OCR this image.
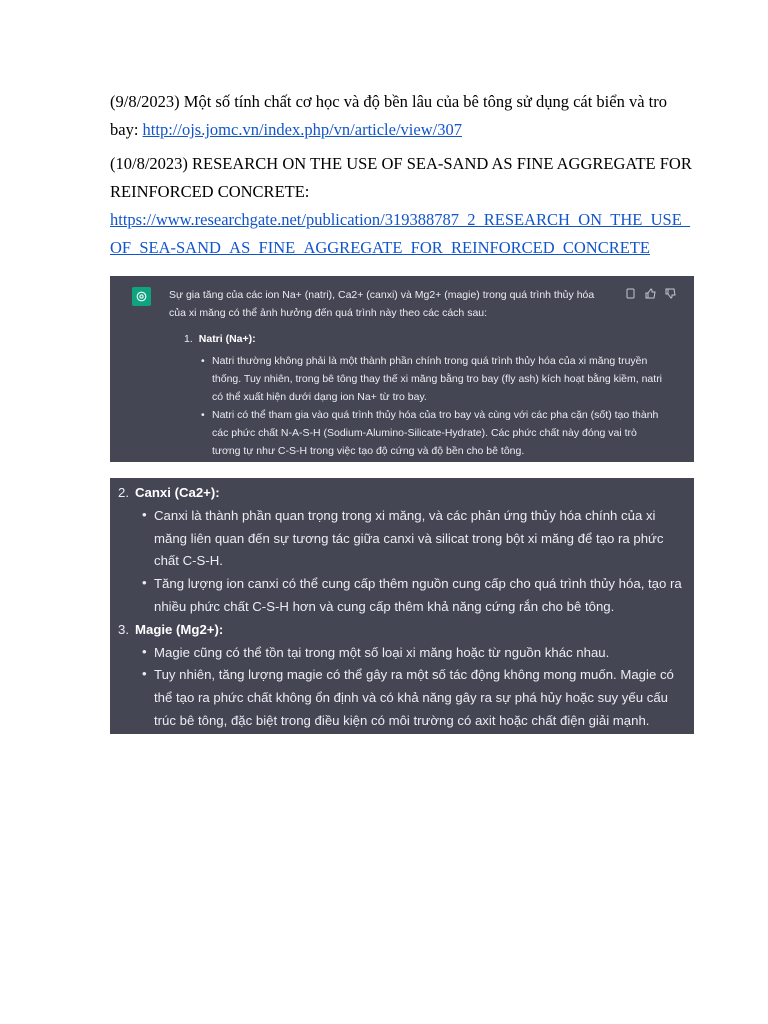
(9/8/2023) Một số tính chất cơ học và độ bền lâu của bê tông sử dụng cát biển và tro bay: http://ojs.jomc.vn/index.php/vn/article/view/307

(10/8/2023) RESEARCH ON THE USE OF SEA-SAND AS FINE AGGREGATE FOR REINFORCED CONCRETE:
https://www.researchgate.net/publication/319388787_2_RESEARCH_ON_THE_USE_OF_SEA-SAND_AS_FINE_AGGREGATE_FOR_REINFORCED_CONCRETE

Sự gia tăng của các ion Na+ (natri), Ca2+ (canxi) và Mg2+ (magie) trong quá trình thủy hóa của xi măng có thể ảnh hưởng đến quá trình này theo các cách sau:
1. Natri (Na+):
• Natri thường không phải là một thành phần chính trong quá trình thủy hóa của xi măng truyền thống. Tuy nhiên, trong bê tông thay thế xi măng bằng tro bay (fly ash) kích hoạt bằng kiềm, natri có thể xuất hiện dưới dạng ion Na+ từ tro bay.
• Natri có thể tham gia vào quá trình thủy hóa của tro bay và cùng với các pha cặn (sốt) tạo thành các phức chất N-A-S-H (Sodium-Alumino-Silicate-Hydrate). Các phức chất này đóng vai trò tương tự như C-S-H trong việc tạo độ cứng và độ bền cho bê tông.
2. Canxi (Ca2+):
• Canxi là thành phần quan trọng trong xi măng, và các phản ứng thủy hóa chính của xi măng liên quan đến sự tương tác giữa canxi và silicat trong bột xi măng để tạo ra phức chất C-S-H.
• Tăng lượng ion canxi có thể cung cấp thêm nguồn cung cấp cho quá trình thủy hóa, tạo ra nhiều phức chất C-S-H hơn và cung cấp thêm khả năng cứng rắn cho bê tông.
3. Magie (Mg2+):
• Magie cũng có thể tồn tại trong một số loại xi măng hoặc từ nguồn khác nhau.
• Tuy nhiên, tăng lượng magie có thể gây ra một số tác động không mong muốn. Magie có thể tạo ra phức chất không ổn định và có khả năng gây ra sự phá hủy hoặc suy yếu cấu trúc bê tông, đặc biệt trong điều kiện có môi trường có axit hoặc chất điện giải mạnh.
